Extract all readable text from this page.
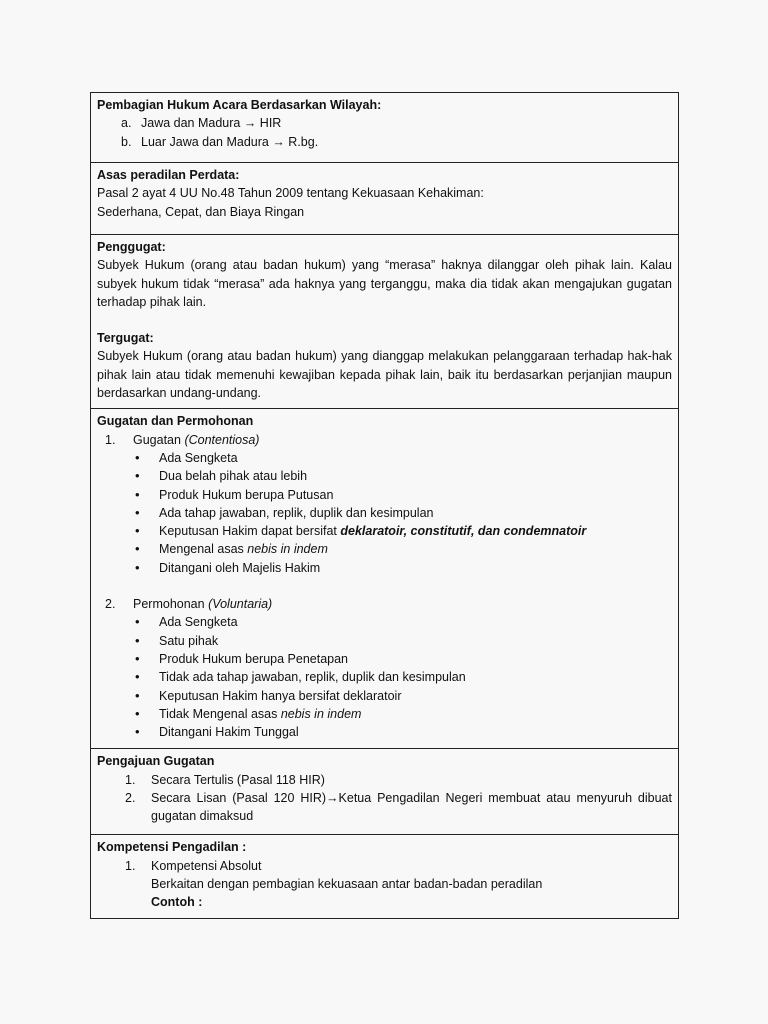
Pembagian Hukum Acara Berdasarkan Wilayah:
a. Jawa dan Madura → HIR
b. Luar Jawa dan Madura → R.bg.

Asas peradilan Perdata:
Pasal 2 ayat 4 UU No.48 Tahun 2009 tentang Kekuasaan Kehakiman:
Sederhana, Cepat, dan Biaya Ringan

Penggugat:
Subyek Hukum (orang atau badan hukum) yang “merasa” haknya dilanggar oleh pihak lain. Kalau subyek hukum tidak “merasa” ada haknya yang terganggu, maka dia tidak akan mengajukan gugatan terhadap pihak lain.
Tergugat:
Subyek Hukum (orang atau badan hukum) yang dianggap melakukan pelanggaraan terhadap hak-hak pihak lain atau tidak memenuhi kewajiban kepada pihak lain, baik itu berdasarkan perjanjian maupun berdasarkan undang-undang.

Gugatan dan Permohonan
1. Gugatan (Contentiosa)
• Ada Sengketa
• Dua belah pihak atau lebih
• Produk Hukum berupa Putusan
• Ada tahap jawaban, replik, duplik dan kesimpulan
• Keputusan Hakim dapat bersifat deklaratoir, constitutif, dan condemnatoir
• Mengenal asas nebis in indem
• Ditangani oleh Majelis Hakim
2. Permohonan (Voluntaria)
• Ada Sengketa
• Satu pihak
• Produk Hukum berupa Penetapan
• Tidak ada tahap jawaban, replik, duplik dan kesimpulan
• Keputusan Hakim hanya bersifat deklaratoir
• Tidak Mengenal asas nebis in indem
• Ditangani Hakim Tunggal

Pengajuan Gugatan
1. Secara Tertulis (Pasal 118 HIR)
2. Secara Lisan (Pasal 120 HIR)→Ketua Pengadilan Negeri membuat atau menyuruh dibuat gugatan dimaksud

Kompetensi Pengadilan :
1. Kompetensi Absolut
Berkaitan dengan pembagian kekuasaan antar badan-badan peradilan
Contoh :
